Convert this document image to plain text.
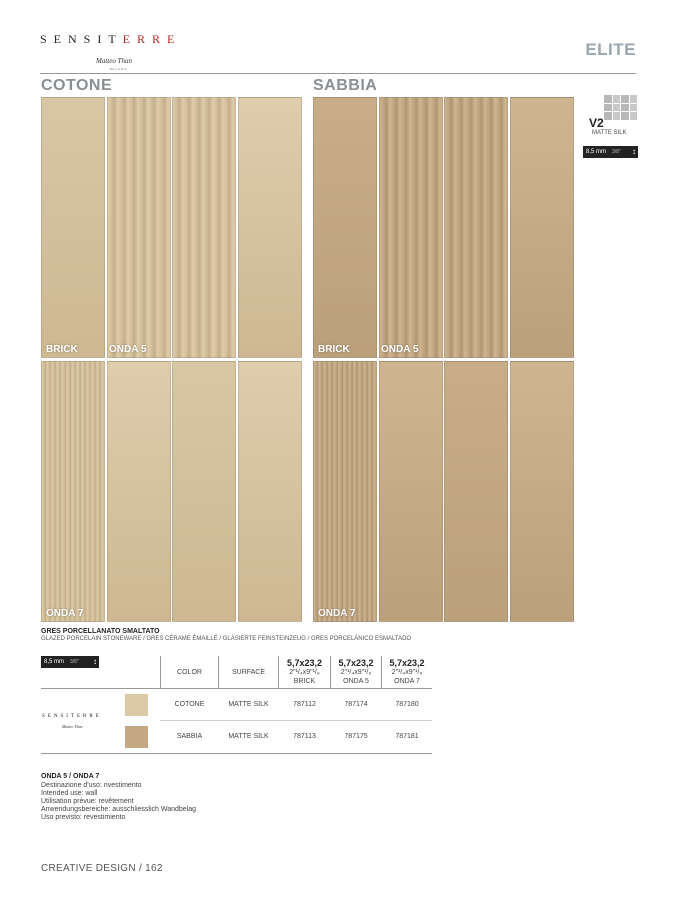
SENSITERRE
Matteo Thun
MILANO
ELITE
COTONE	SABBIA
BRICK	ONDA 5
ONDA 7
BRICK	ONDA 5
ONDA 7
V2
MATTE SILK
8,5 mm 3/8" ↕
GRES PORCELLANATO SMALTATO
GLAZED PORCELAIN STONEWARE / GRES CÉRAME ÉMAILLÉ / GLASIERTE FEINSTEINZEUG / GRES PORCELÁNICO ESMALTADO
8,5 mm 3/8" ↕
COLOR	SURFACE
5,7x23,2
2"¹/₄x9"¹/₈
BRICK
5,7x23,2
2"¹/₄x9"¹/₈
ONDA 5
5,7x23,2
2"¹/₄x9"¹/₈
ONDA 7
SENSITERRE
Matteo Thun
COTONE	MATTE SILK	787112	787174	787180
SABBIA	MATTE SILK	787113	787175	787181
ONDA 5 / ONDA 7
Destinazione d'uso: rivestimento
Intended use: wall
Utilisation prévue: revêtement
Anwendungsbereiche: ausschliesslich Wandbelag
Uso previsto: revestimiento
CREATIVE DESIGN / 162
